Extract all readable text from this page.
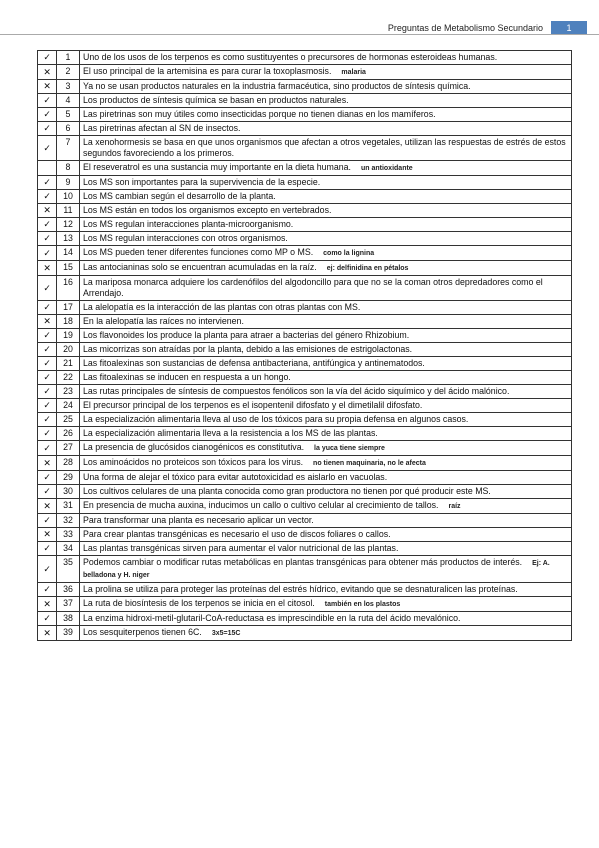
Preguntas de Metabolismo Secundario	1
✓	1	Uno de los usos de los terpenos es como sustituyentes o precursores de hormonas esteroideas humanas.
✕	2	El uso principal de la artemisina es para curar la toxoplasmosis. malaria
✕	3	Ya no se usan productos naturales en la industria farmacéutica, sino productos de síntesis química.
✓	4	Los productos de síntesis química se basan en productos naturales.
✓	5	Las piretrinas son muy útiles como insecticidas porque no tienen dianas en los mamíferos.
✓	6	Las piretrinas afectan al SN de insectos.
✓	7	La xenohormesis se basa en que unos organismos que afectan a otros vegetales, utilizan las respuestas de estrés de estos segundos favoreciendo a los primeros.
	8	El reseveratrol es una sustancia muy importante en la dieta humana. un antioxidante
✓	9	Los MS son importantes para la supervivencia de la especie.
✓	10	Los MS cambian según el desarrollo de la planta.
✕	11	Los MS están en todos los organismos excepto en vertebrados.
✓	12	Los MS regulan interacciones planta-microorganismo.
✓	13	Los MS regulan interacciones con otros organismos.
✓	14	Los MS pueden tener diferentes funciones como MP o MS. como la lignina
✕	15	Las antocianinas solo se encuentran acumuladas en la raíz. ej: delfinidina en pétalos
✓	16	La mariposa monarca adquiere los cardenófilos del algodoncillo para que no se la coman otros depredadores como el Arrendajo.
✓	17	La alelopatía es la interacción de las plantas con otras plantas con MS.
✕	18	En la alelopatía las raíces no intervienen.
✓	19	Los flavonoides los produce la planta para atraer a bacterias del género Rhizobium.
✓	20	Las micorrizas son atraídas por la planta, debido a las emisiones de estrigolactonas.
✓	21	Las fitoalexinas son sustancias de defensa antibacteriana, antifúngica y antinematodos.
✓	22	Las fitoalexinas se inducen en respuesta a un hongo.
✓	23	Las rutas principales de síntesis de compuestos fenólicos son la vía del ácido siquímico y del ácido malónico.
✓	24	El precursor principal de los terpenos es el isopentenil difosfato y el dimetilalil difosfato.
✓	25	La especialización alimentaria lleva al uso de los tóxicos para su propia defensa en algunos casos.
✓	26	La especialización alimentaria lleva a la resistencia a los MS de las plantas.
✓	27	La presencia de glucósidos cianogénicos es constitutiva. la yuca tiene siempre
✕	28	Los aminoácidos no proteicos son tóxicos para los virus. no tienen maquinaria, no le afecta
✓	29	Una forma de alejar el tóxico para evitar autotoxicidad es aislarlo en vacuolas.
✓	30	Los cultivos celulares de una planta conocida como gran productora no tienen por qué producir este MS.
✕	31	En presencia de mucha auxina, inducimos un callo o cultivo celular al crecimiento de tallos. raíz
✓	32	Para transformar una planta es necesario aplicar un vector.
✕	33	Para crear plantas transgénicas es necesario el uso de discos foliares o callos.
✓	34	Las plantas transgénicas sirven para aumentar el valor nutricional de las plantas.
✓	35	Podemos cambiar o modificar rutas metabólicas en plantas transgénicas para obtener más productos de interés. Ej: A. belladona y H. niger
✓	36	La prolina se utiliza para proteger las proteínas del estrés hídrico, evitando que se desnaturalicen las proteínas.
✕	37	La ruta de biosíntesis de los terpenos se inicia en el citosol. también en los plastos
✓	38	La enzima hidroxi-metil-glutaril-CoA-reductasa es imprescindible en la ruta del ácido mevalónico.
✕	39	Los sesquiterpenos tienen 6C. 3x5=15C
